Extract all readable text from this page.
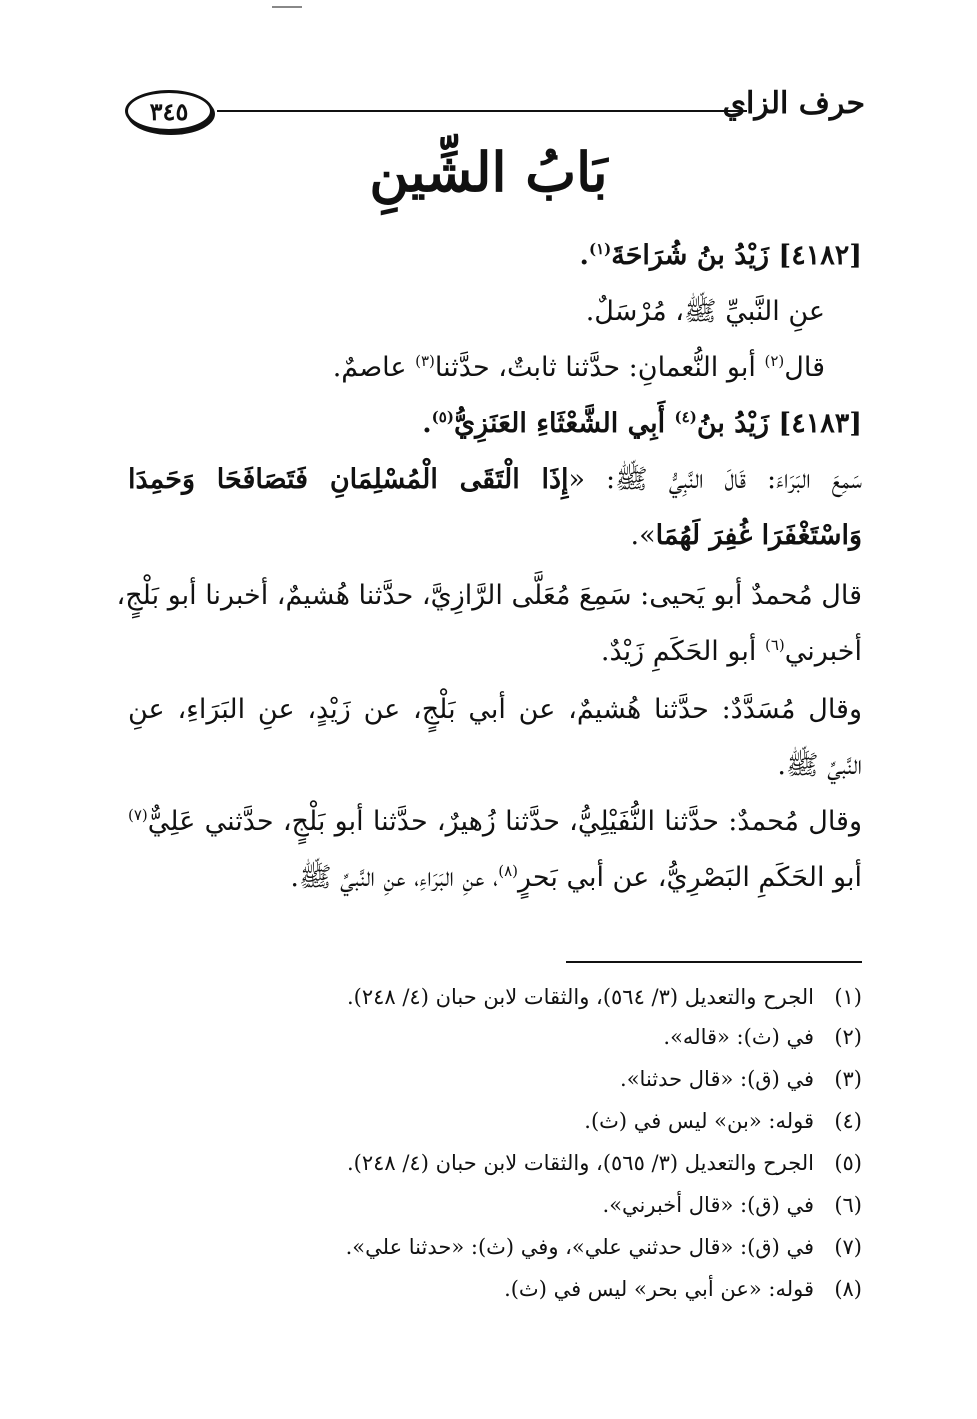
٣٤٥	حرف الزاي
بَابُ الشِّينِ
[٤١٨٢] زَيْدُ بنُ شُرَاحَةَ$^{(١)}$.
عنِ النَّبيِّ ﷺ، مُرْسَلٌ.
قال$^{(٢)}$ أبو النُّعمانِ: حدَّثنا ثابتٌ، حدَّثنا$^{(٣)}$ عاصمٌ.
[٤١٨٣] زَيْدُ بنُ$^{(٤)}$ أَبِي الشَّعْثَاءِ العَنَزِيُّ$^{(٥)}$.
سَمِعَ البَرَاءَ: قَالَ النَّبِيُّ ﷺ: «إِذَا الْتَقَى الْمُسْلِمَانِ فَتَصَافَحَا وَحَمِدَا
وَاسْتَغْفَرَا غُفِرَ لَهُمَا».
قال مُحمدٌ أبو يَحيى: سَمِعَ مُعَلَّى الرَّازِيَّ، حدَّثنا هُشيمٌ، أخبرنا أبو بَلْجٍ،
أخبرني$^{(٦)}$ أبو الحَكَمِ زَيْدٌ.
وقال مُسَدَّدٌ: حدَّثنا هُشيمٌ، عن أبي بَلْجٍ، عن زَيْدٍ، عنِ البَرَاءِ، عنِ
النَّبيِّ ﷺ.
وقال مُحمدٌ: حدَّثنا النُّفَيْلِيُّ، حدَّثنا زُهيرٌ، حدَّثنا أبو بَلْجٍ، حدَّثني عَلِيٌّ$^{(٧)}$
أبو الحَكَمِ البَصْرِيُّ، عن أبي بَحرٍ$^{(٨)}$، عنِ البَرَاءِ، عنِ النَّبيِّ ﷺ.
(١)
الجرح والتعديل (٣/ ٥٦٤)، والثقات لابن حبان (٤/ ٢٤٨).
(٢)
في (ث): «قاله».
(٣)
في (ق): «قال حدثنا».
(٤)
قوله: «بن» ليس في (ث).
(٥)
الجرح والتعديل (٣/ ٥٦٥)، والثقات لابن حبان (٤/ ٢٤٨).
(٦)
في (ق): «قال أخبرني».
(٧)
في (ق): «قال حدثني علي»، وفي (ث): «حدثنا علي».
(٨)
قوله: «عن أبي بحر» ليس في (ث).
